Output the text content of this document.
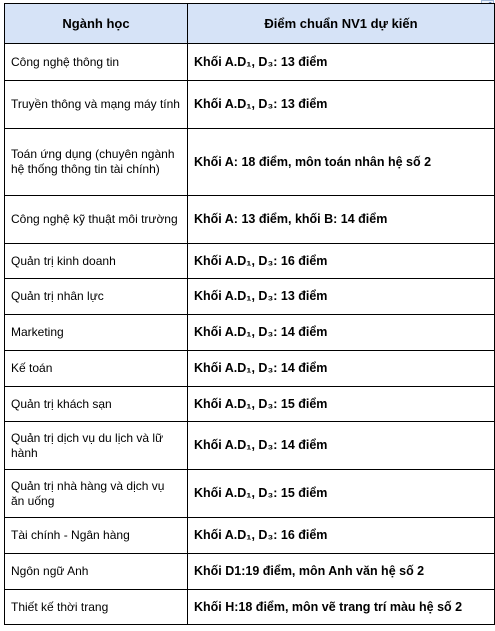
Ngành học	Điểm chuẩn NV1 dự kiến
Công nghệ thông tin	Khối A.D₁, D₃: 13 điểm
Truyền thông và mạng máy tính	Khối A.D₁, D₃: 13 điểm
Toán ứng dụng (chuyên ngành hệ thống thông tin tài chính)	Khối A: 18 điểm, môn toán nhân hệ số 2
Công nghệ kỹ thuật môi trường	Khối A: 13 điểm, khối B: 14 điểm
Quản trị kinh doanh	Khối A.D₁, D₃: 16 điểm
Quản trị nhân lực	Khối A.D₁, D₃: 13 điểm
Marketing	Khối A.D₁, D₃: 14 điểm
Kế toán	Khối A.D₁, D₃: 14 điểm
Quản trị khách sạn	Khối A.D₁, D₃: 15 điểm
Quản trị dịch vụ du lịch và lữ hành	Khối A.D₁, D₃: 14 điểm
Quản trị nhà hàng và dịch vụ ăn uống	Khối A.D₁, D₃: 15 điểm
Tài chính - Ngân hàng	Khối A.D₁, D₃: 16 điểm
Ngôn ngữ Anh	Khối D1:19 điểm, môn Anh văn hệ số 2
Thiết kế thời trang	Khối H:18 điểm, môn vẽ trang trí màu hệ số 2
